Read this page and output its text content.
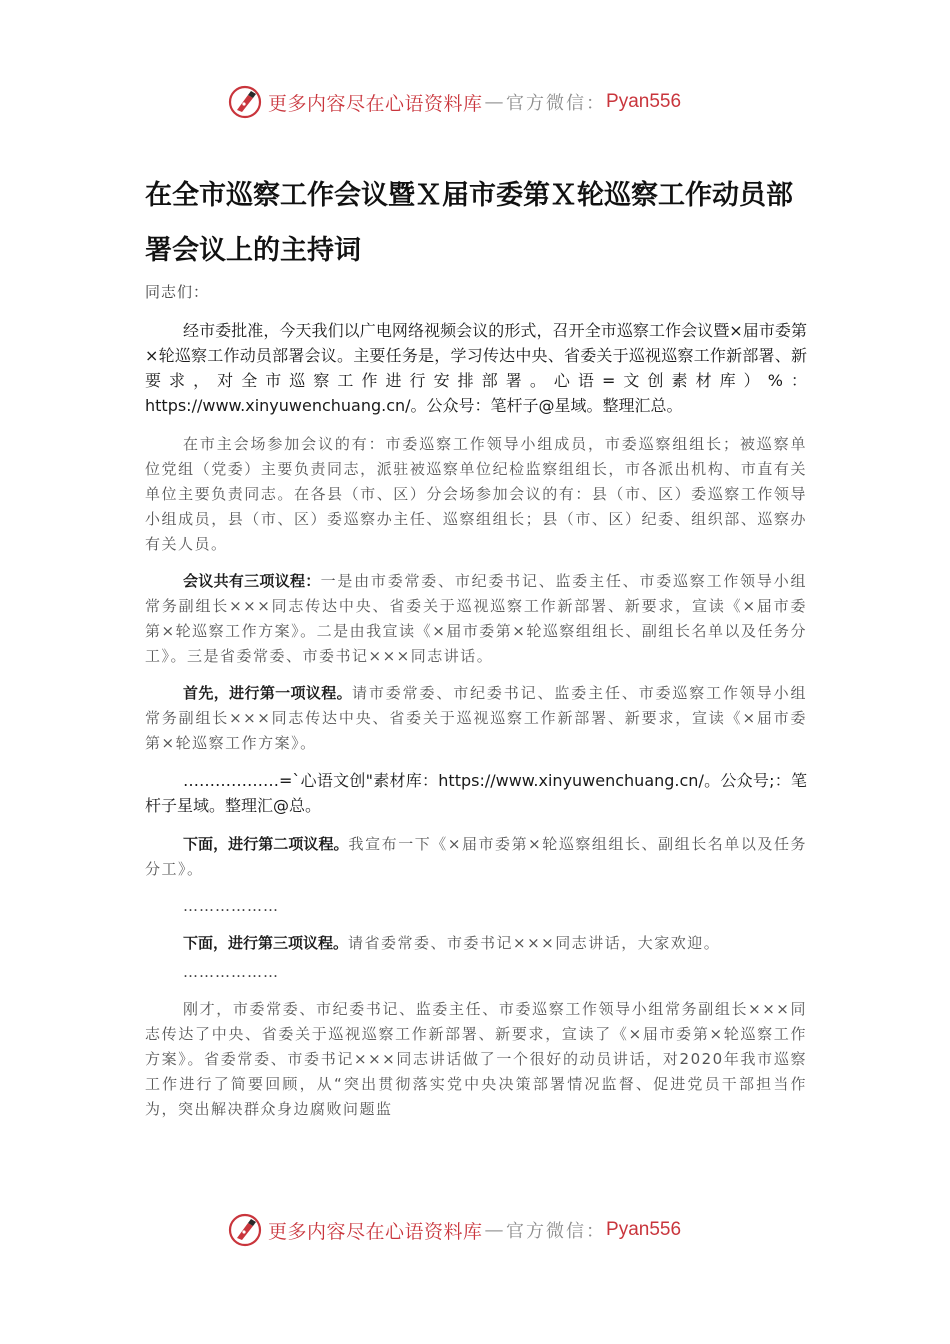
更多内容尽在心语资料库 — 官方微信： Pyan556
在全市巡察工作会议暨Ｘ届市委第Ｘ轮巡察工作动员部署会议上的主持词

同志们：

经市委批准，今天我们以广电网络视频会议的形式，召开全市巡察工作会议暨×届市委第×轮巡察工作动员部署会议。主要任务是，学习传达中央、省委关于巡视巡察工作新部署、新要求，对全市巡察工作进行安排部署。心语=文创素材库）%：https://www.xinyuwenchuang.cn/。公众号：笔杆子@星域。整理汇总。

在市主会场参加会议的有：市委巡察工作领导小组成员，市委巡察组组长；被巡察单位党组（党委）主要负责同志，派驻被巡察单位纪检监察组组长，市各派出机构、市直有关单位主要负责同志。在各县（市、区）分会场参加会议的有：县（市、区）委巡察工作领导小组成员，县（市、区）委巡察办主任、巡察组组长；县（市、区）纪委、组织部、巡察办有关人员。

会议共有三项议程：一是由市委常委、市纪委书记、监委主任、市委巡察工作领导小组常务副组长×××同志传达中央、省委关于巡视巡察工作新部署、新要求，宣读《×届市委第×轮巡察工作方案》。二是由我宣读《×届市委第×轮巡察组组长、副组长名单以及任务分工》。三是省委常委、市委书记×××同志讲话。

首先，进行第一项议程。请市委常委、市纪委书记、监委主任、市委巡察工作领导小组常务副组长×××同志传达中央、省委关于巡视巡察工作新部署、新要求，宣读《×届市委第×轮巡察工作方案》。

………………=`心语文创"素材库：https://www.xinyuwenchuang.cn/。公众号;：笔杆子星域。整理汇@总。

下面，进行第二项议程。我宣布一下《×届市委第×轮巡察组组长、副组长名单以及任务分工》。

………………

下面，进行第三项议程。请省委常委、市委书记×××同志讲话，大家欢迎。

………………

刚才，市委常委、市纪委书记、监委主任、市委巡察工作领导小组常务副组长×××同志传达了中央、省委关于巡视巡察工作新部署、新要求，宣读了《×届市委第×轮巡察工作方案》。省委常委、市委书记×××同志讲话做了一个很好的动员讲话，对2020年我市巡察工作进行了简要回顾，从“突出贯彻落实党中央决策部署情况监督、促进党员干部担当作为，突出解决群众身边腐败问题监

更多内容尽在心语资料库 — 官方微信： Pyan556
